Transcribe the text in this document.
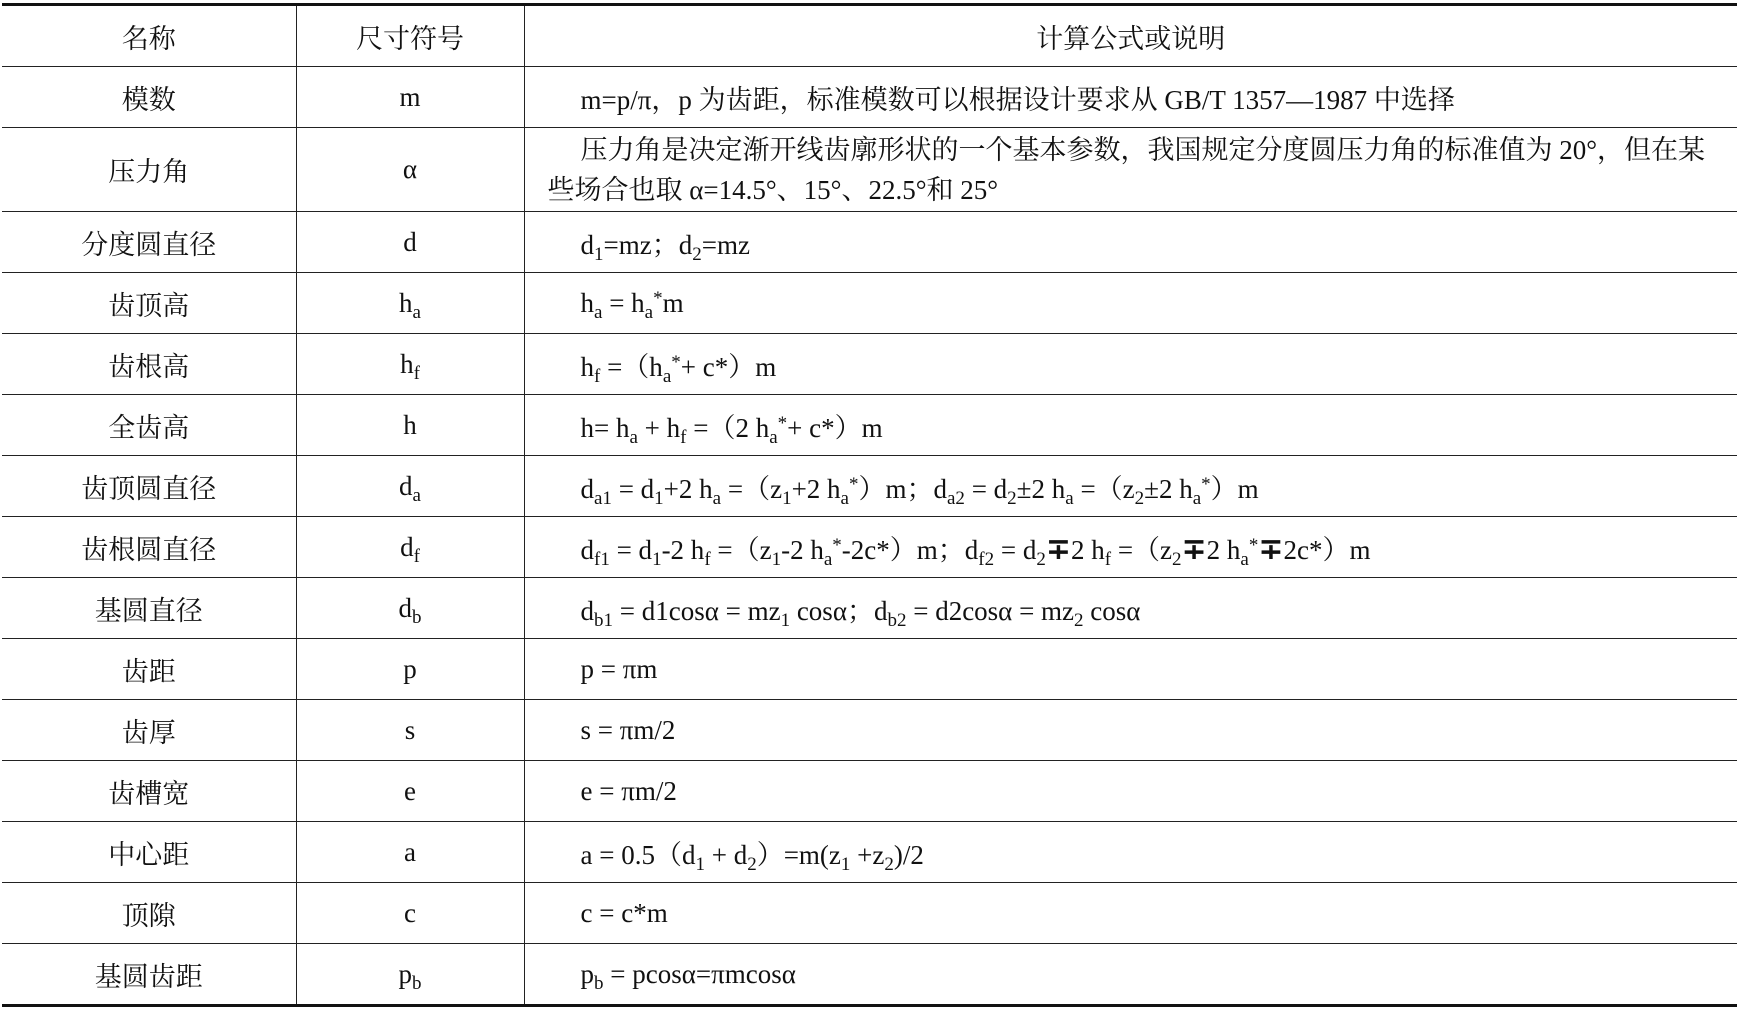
名称	尺寸符号	计算公式或说明
模数	m	m=p/π，p 为齿距，标准模数可以根据设计要求从 GB/T 1357—1987 中选择
压力角	α	压力角是决定渐开线齿廓形状的一个基本参数，我国规定分度圆压力角的标准值为 20°，但在某些场合也取 α=14.5°、15°、22.5°和 25°
分度圆直径	d	$d_1=mz$；$d_2=mz$
齿顶高	$h_a$	$h_a = h_a^*m$
齿根高	$h_f$	$h_f =(h_a^*+ c*)m$
全齿高	h	$h= h_a + h_f =(2$ $h_a^*+ c*)m$
齿顶圆直径	$d_a$	$d_{a1} = d_1+2$ $h_a =(z_1+2$ $h_a^*)m$；$d_{a2} = d_2\pm 2$ $h_a =(z_2\pm 2$ $h_a^*)m$
齿根圆直径	$d_f$	$d_{f1} = d_1-2$ $h_f =(z_1-2$ $h_a^*-2c*)m$；$d_{f2} = d_2\mp 2$ $h_f =(z_2\mp 2$ $h_a^*\mp 2c*)m$
基圆直径	$d_b$	$d_{b1} = d1\cos\alpha = mz_1$ cosα；$d_{b2} = d2\cos\alpha = mz_2$ cosα
齿距	p	p = πm
齿厚	s	s = πm/2
齿槽宽	e	e = πm/2
中心距	a	$a = 0.5(d_1 + d_2)=m(z_1 +z_2)/2$
顶隙	c	c = c*m
基圆齿距	$p_b$	$p_b = pcos\alpha=\pi mcos\alpha$
